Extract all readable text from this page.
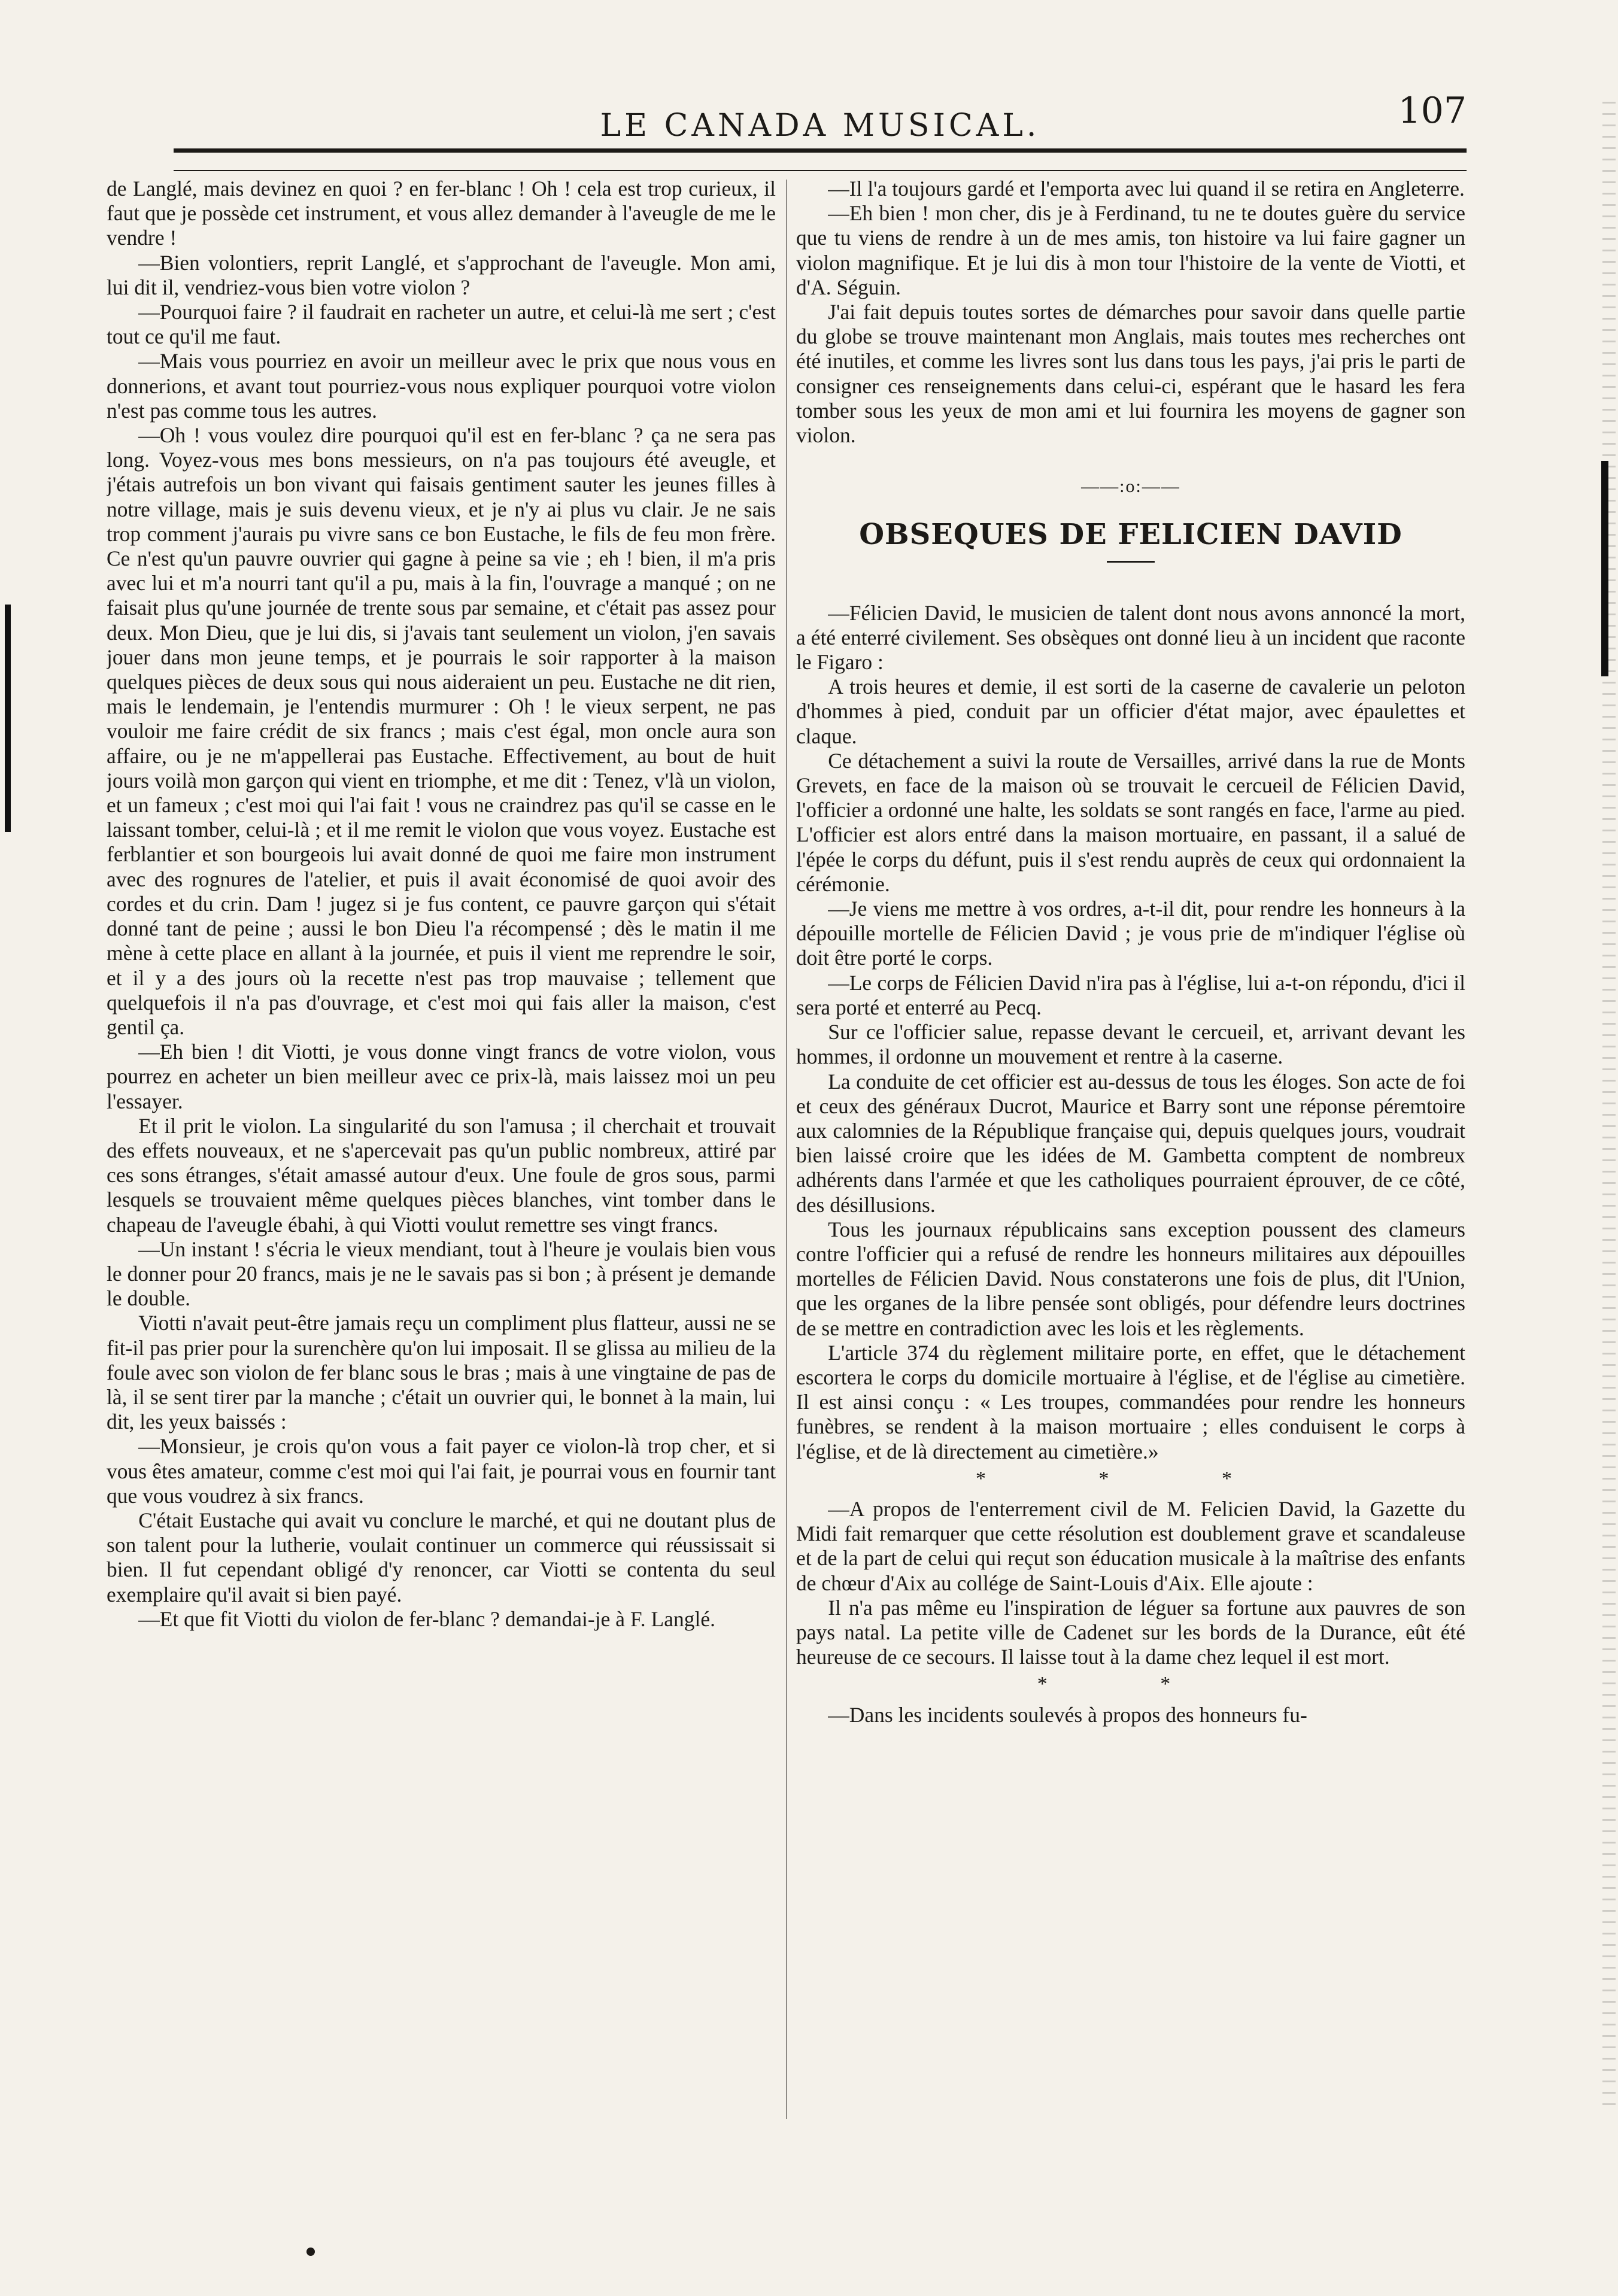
LE CANADA MUSICAL.	107

de Langlé, mais devinez en quoi ? en fer-blanc ! Oh ! cela est trop curieux, il faut que je possède cet instrument, et vous allez demander à l'aveugle de me le vendre !

—Bien volontiers, reprit Langlé, et s'approchant de l'aveugle. Mon ami, lui dit il, vendriez-vous bien votre violon ?

—Pourquoi faire ? il faudrait en racheter un autre, et celui-là me sert ; c'est tout ce qu'il me faut.

—Mais vous pourriez en avoir un meilleur avec le prix que nous vous en donnerions, et avant tout pourriez-vous nous expliquer pourquoi votre violon n'est pas comme tous les autres.

—Oh ! vous voulez dire pourquoi qu'il est en fer-blanc ? ça ne sera pas long. Voyez-vous mes bons messieurs, on n'a pas toujours été aveugle, et j'étais autrefois un bon vivant qui faisais gentiment sauter les jeunes filles à notre village, mais je suis devenu vieux, et je n'y ai plus vu clair. Je ne sais trop comment j'aurais pu vivre sans ce bon Eustache, le fils de feu mon frère. Ce n'est qu'un pauvre ouvrier qui gagne à peine sa vie ; eh ! bien, il m'a pris avec lui et m'a nourri tant qu'il a pu, mais à la fin, l'ouvrage a manqué ; on ne faisait plus qu'une journée de trente sous par semaine, et c'était pas assez pour deux. Mon Dieu, que je lui dis, si j'avais tant seulement un violon, j'en savais jouer dans mon jeune temps, et je pourrais le soir rapporter à la maison quelques pièces de deux sous qui nous aideraient un peu. Eustache ne dit rien, mais le lendemain, je l'entendis murmurer : Oh ! le vieux serpent, ne pas vouloir me faire crédit de six francs ; mais c'est égal, mon oncle aura son affaire, ou je ne m'appellerai pas Eustache. Effectivement, au bout de huit jours voilà mon garçon qui vient en triomphe, et me dit : Tenez, v'là un violon, et un fameux ; c'est moi qui l'ai fait ! vous ne craindrez pas qu'il se casse en le laissant tomber, celui-là ; et il me remit le violon que vous voyez. Eustache est ferblantier et son bourgeois lui avait donné de quoi me faire mon instrument avec des rognures de l'atelier, et puis il avait économisé de quoi avoir des cordes et du crin. Dam ! jugez si je fus content, ce pauvre garçon qui s'était donné tant de peine ; aussi le bon Dieu l'a récompensé ; dès le matin il me mène à cette place en allant à la journée, et puis il vient me reprendre le soir, et il y a des jours où la recette n'est pas trop mauvaise ; tellement que quelquefois il n'a pas d'ouvrage, et c'est moi qui fais aller la maison, c'est gentil ça.

—Eh bien ! dit Viotti, je vous donne vingt francs de votre violon, vous pourrez en acheter un bien meilleur avec ce prix-là, mais laissez moi un peu l'essayer.

Et il prit le violon. La singularité du son l'amusa ; il cherchait et trouvait des effets nouveaux, et ne s'apercevait pas qu'un public nombreux, attiré par ces sons étranges, s'était amassé autour d'eux. Une foule de gros sous, parmi lesquels se trouvaient même quelques pièces blanches, vint tomber dans le chapeau de l'aveugle ébahi, à qui Viotti voulut remettre ses vingt francs.

—Un instant ! s'écria le vieux mendiant, tout à l'heure je voulais bien vous le donner pour 20 francs, mais je ne le savais pas si bon ; à présent je demande le double.

Viotti n'avait peut-être jamais reçu un compliment plus flatteur, aussi ne se fit-il pas prier pour la surenchère qu'on lui imposait. Il se glissa au milieu de la foule avec son violon de fer blanc sous le bras ; mais à une vingtaine de pas de là, il se sent tirer par la manche ; c'était un ouvrier qui, le bonnet à la main, lui dit, les yeux baissés :

—Monsieur, je crois qu'on vous a fait payer ce violon-là trop cher, et si vous êtes amateur, comme c'est moi qui l'ai fait, je pourrai vous en fournir tant que vous voudrez à six francs.

C'était Eustache qui avait vu conclure le marché, et qui ne doutant plus de son talent pour la lutherie, voulait continuer un commerce qui réussissait si bien. Il fut cependant obligé d'y renoncer, car Viotti se contenta du seul exemplaire qu'il avait si bien payé.

—Et que fit Viotti du violon de fer-blanc ? demandai-je à F. Langlé.

—Il l'a toujours gardé et l'emporta avec lui quand il se retira en Angleterre.

—Eh bien ! mon cher, dis je à Ferdinand, tu ne te doutes guère du service que tu viens de rendre à un de mes amis, ton histoire va lui faire gagner un violon magnifique. Et je lui dis à mon tour l'histoire de la vente de Viotti, et d'A. Séguin.

J'ai fait depuis toutes sortes de démarches pour savoir dans quelle partie du globe se trouve maintenant mon Anglais, mais toutes mes recherches ont été inutiles, et comme les livres sont lus dans tous les pays, j'ai pris le parti de consigner ces renseignements dans celui-ci, espérant que le hasard les fera tomber sous les yeux de mon ami et lui fournira les moyens de gagner son violon.

——:o:——
OBSEQUES DE FELICIEN DAVID

—Félicien David, le musicien de talent dont nous avons annoncé la mort, a été enterré civilement. Ses obsèques ont donné lieu à un incident que raconte le Figaro :

A trois heures et demie, il est sorti de la caserne de cavalerie un peloton d'hommes à pied, conduit par un officier d'état major, avec épaulettes et claque.

Ce détachement a suivi la route de Versailles, arrivé dans la rue de Monts Grevets, en face de la maison où se trouvait le cercueil de Félicien David, l'officier a ordonné une halte, les soldats se sont rangés en face, l'arme au pied. L'officier est alors entré dans la maison mortuaire, en passant, il a salué de l'épée le corps du défunt, puis il s'est rendu auprès de ceux qui ordonnaient la cérémonie.

—Je viens me mettre à vos ordres, a-t-il dit, pour rendre les honneurs à la dépouille mortelle de Félicien David ; je vous prie de m'indiquer l'église où doit être porté le corps.

—Le corps de Félicien David n'ira pas à l'église, lui a-t-on répondu, d'ici il sera porté et enterré au Pecq.

Sur ce l'officier salue, repasse devant le cercueil, et, arrivant devant les hommes, il ordonne un mouvement et rentre à la caserne.

La conduite de cet officier est au-dessus de tous les éloges. Son acte de foi et ceux des généraux Ducrot, Maurice et Barry sont une réponse péremtoire aux calomnies de la République française qui, depuis quelques jours, voudrait bien laissé croire que les idées de M. Gambetta comptent de nombreux adhérents dans l'armée et que les catholiques pourraient éprouver, de ce côté, des désillusions.

Tous les journaux républicains sans exception poussent des clameurs contre l'officier qui a refusé de rendre les honneurs militaires aux dépouilles mortelles de Félicien David. Nous constaterons une fois de plus, dit l'Union, que les organes de la libre pensée sont obligés, pour défendre leurs doctrines de se mettre en contradiction avec les lois et les règlements.

L'article 374 du règlement militaire porte, en effet, que le détachement escortera le corps du domicile mortuaire à l'église, et de l'église au cimetière. Il est ainsi conçu : « Les troupes, commandées pour rendre les honneurs funèbres, se rendent à la maison mortuaire ; elles conduisent le corps à l'église, et de là directement au cimetière.»

* * *

—A propos de l'enterrement civil de M. Felicien David, la Gazette du Midi fait remarquer que cette résolution est doublement grave et scandaleuse et de la part de celui qui reçut son éducation musicale à la maîtrise des enfants de chœur d'Aix au collége de Saint-Louis d'Aix. Elle ajoute :

Il n'a pas même eu l'inspiration de léguer sa fortune aux pauvres de son pays natal. La petite ville de Cadenet sur les bords de la Durance, eût été heureuse de ce secours. Il laisse tout à la dame chez lequel il est mort.

* *

—Dans les incidents soulevés à propos des honneurs fu-
